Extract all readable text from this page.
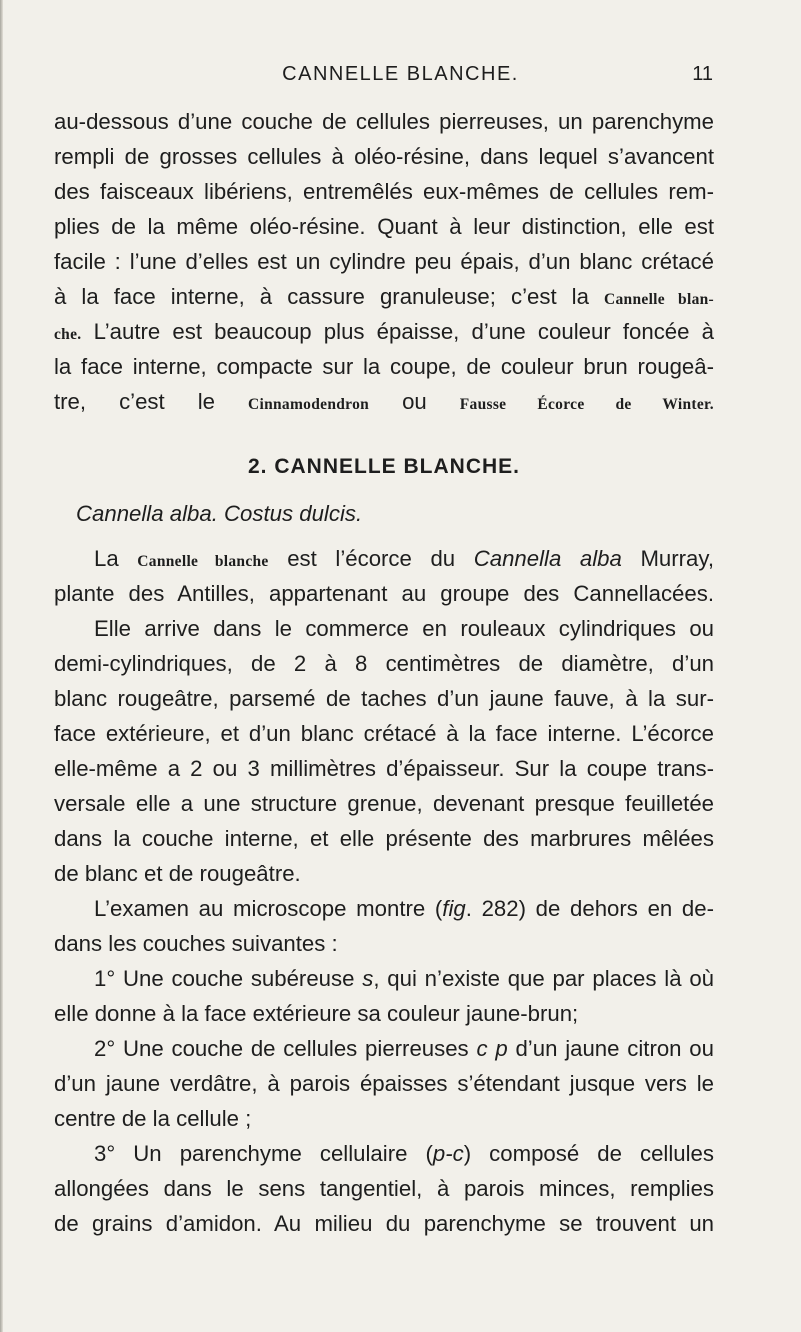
CANNELLE BLANCHE.	11
au-dessous d’une couche de cellules pierreuses, un parenchyme
rempli de grosses cellules à oléo-résine, dans lequel s’avancent
des faisceaux libériens, entremêlés eux-mêmes de cellules rem-
plies de la même oléo-résine. Quant à leur distinction, elle est
facile : l’une d’elles est un cylindre peu épais, d’un blanc crétacé
à la face interne, à cassure granuleuse; c’est la Cannelle blan-
che. L’autre est beaucoup plus épaisse, d’une couleur foncée à
la face interne, compacte sur la coupe, de couleur brun rougeâ-
tre, c’est le Cinnamodendron ou Fausse Écorce de Winter.
2. CANNELLE BLANCHE.
Cannella alba. Costus dulcis.
La Cannelle blanche est l’écorce du Cannella alba Murray,
plante des Antilles, appartenant au groupe des Cannellacées.
Elle arrive dans le commerce en rouleaux cylindriques ou
demi-cylindriques, de 2 à 8 centimètres de diamètre, d’un
blanc rougeâtre, parsemé de taches d’un jaune fauve, à la sur-
face extérieure, et d’un blanc crétacé à la face interne. L’écorce
elle-même a 2 ou 3 millimètres d’épaisseur. Sur la coupe trans-
versale elle a une structure grenue, devenant presque feuilletée
dans la couche interne, et elle présente des marbrures mêlées
de blanc et de rougeâtre.
L’examen au microscope montre (fig. 282) de dehors en de-
dans les couches suivantes :
1° Une couche subéreuse s, qui n’existe que par places là où
elle donne à la face extérieure sa couleur jaune-brun;
2° Une couche de cellules pierreuses c p d’un jaune citron ou
d’un jaune verdâtre, à parois épaisses s’étendant jusque vers le
centre de la cellule ;
3° Un parenchyme cellulaire (p-c) composé de cellules
allongées dans le sens tangentiel, à parois minces, remplies
de grains d’amidon. Au milieu du parenchyme se trouvent un
